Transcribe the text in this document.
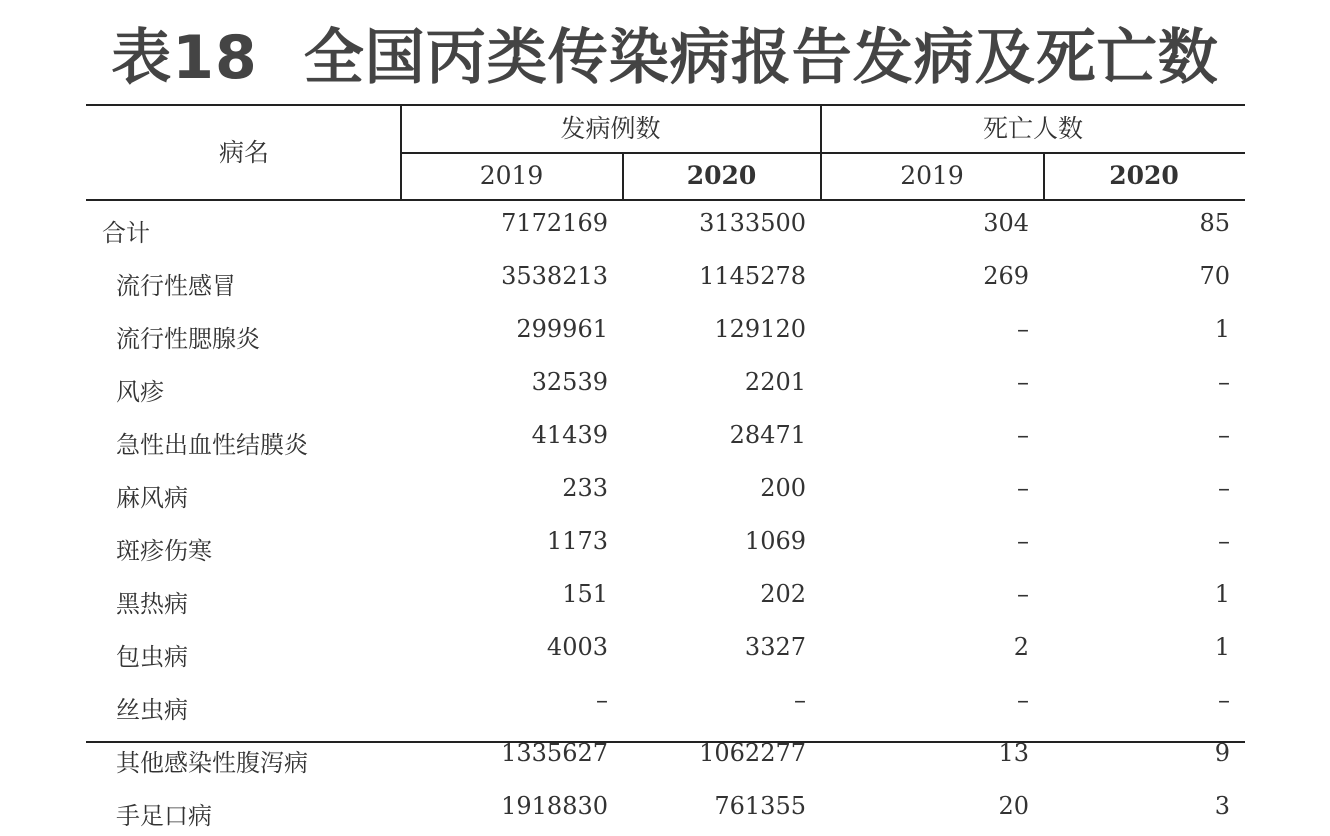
表18 全国丙类传染病报告发病及死亡数
病名
发病例数	死亡人数
2019	2020	2019	2020
合计	7172169	3133500	304	85
流行性感冒	3538213	1145278	269	70
流行性腮腺炎	299961	129120	–	1
风疹	32539	2201	–	–
急性出血性结膜炎	41439	28471	–	–
麻风病	233	200	–	–
斑疹伤寒	1173	1069	–	–
黑热病	151	202	–	1
包虫病	4003	3327	2	1
丝虫病	–	–	–	–
其他感染性腹泻病	1335627	1062277	13	9
手足口病	1918830	761355	20	3
